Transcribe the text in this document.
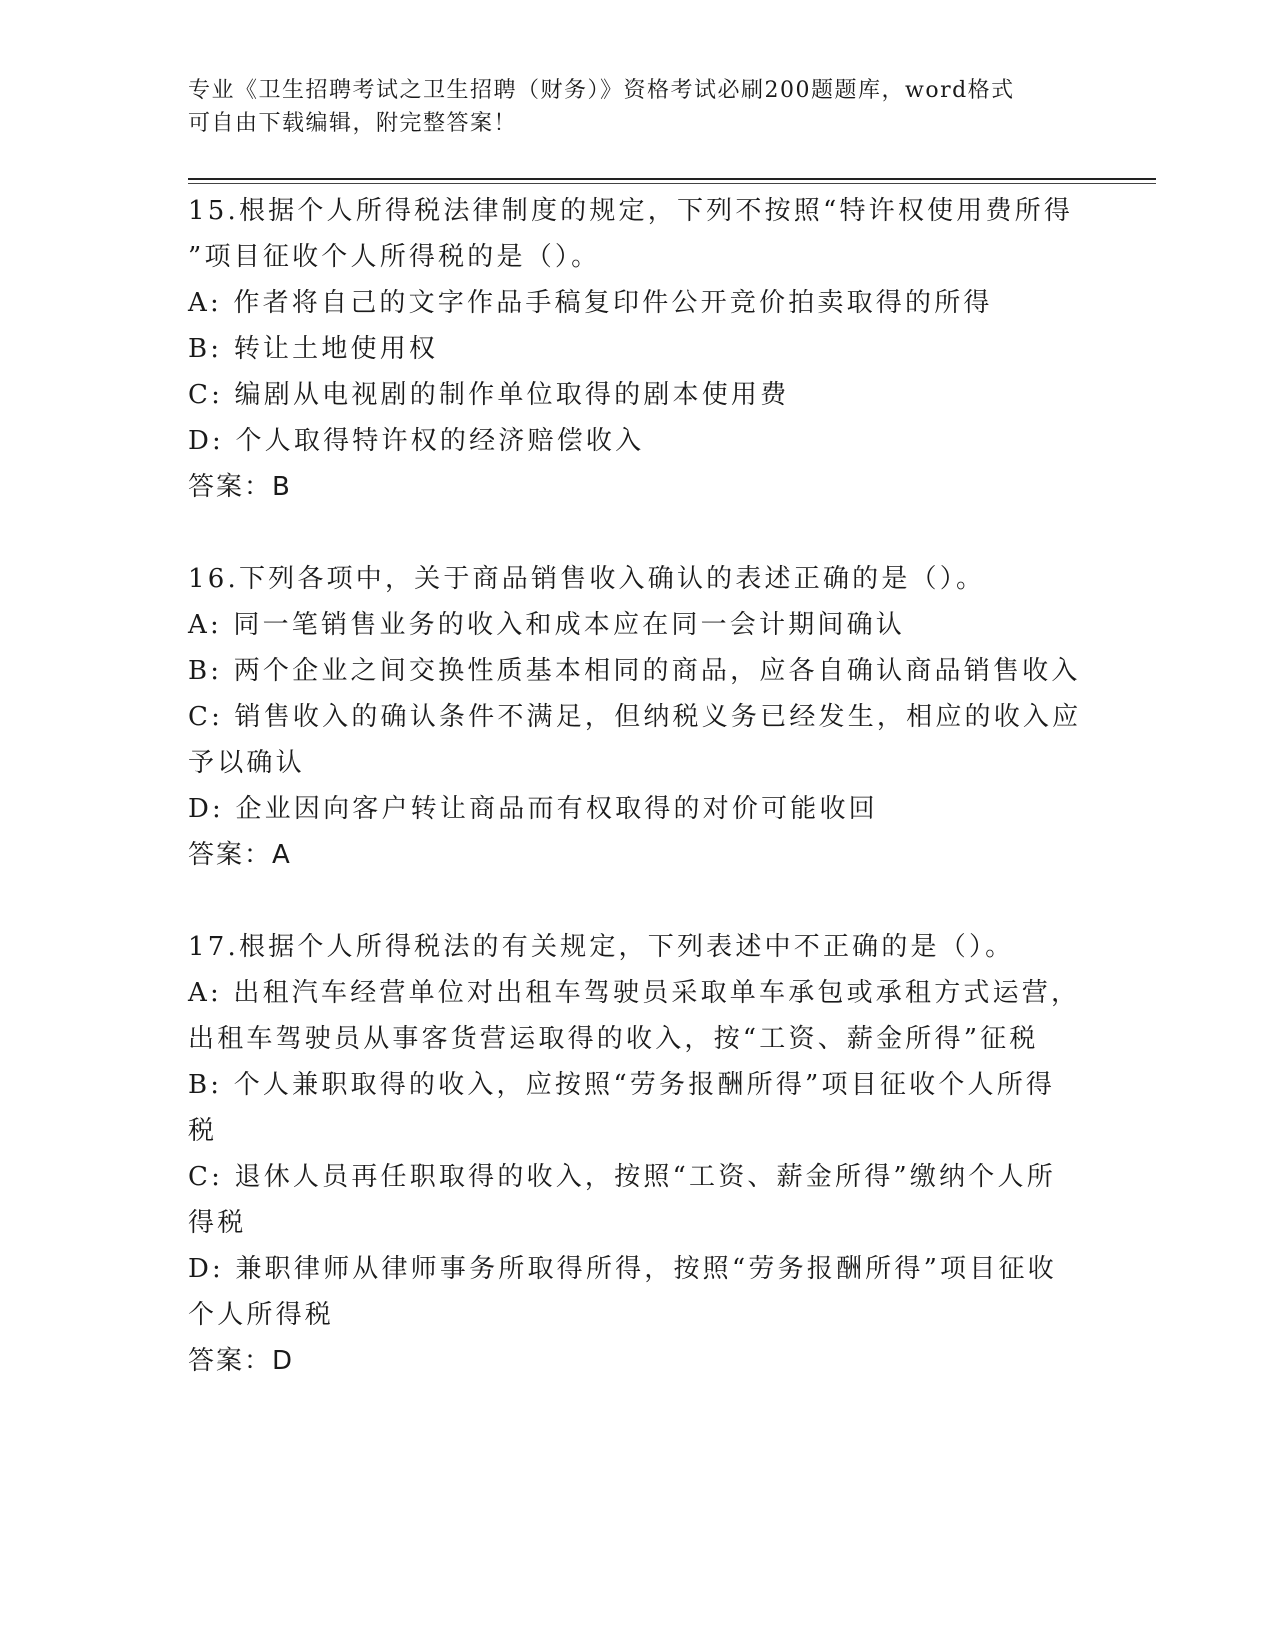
专业《卫生招聘考试之卫生招聘（财务）》资格考试必刷200题题库，word格式
可自由下载编辑，附完整答案！

15.根据个人所得税法律制度的规定，下列不按照“特许权使用费所得

”项目征收个人所得税的是（）。

A: 作者将自己的文字作品手稿复印件公开竞价拍卖取得的所得

B: 转让土地使用权

C: 编剧从电视剧的制作单位取得的剧本使用费

D: 个人取得特许权的经济赔偿收入

答案：B

16.下列各项中，关于商品销售收入确认的表述正确的是（）。

A: 同一笔销售业务的收入和成本应在同一会计期间确认

B: 两个企业之间交换性质基本相同的商品，应各自确认商品销售收入

C: 销售收入的确认条件不满足，但纳税义务已经发生，相应的收入应

予以确认

D: 企业因向客户转让商品而有权取得的对价可能收回

答案：A

17.根据个人所得税法的有关规定，下列表述中不正确的是（）。

A: 出租汽车经营单位对出租车驾驶员采取单车承包或承租方式运营，

出租车驾驶员从事客货营运取得的收入，按“工资、薪金所得”征税

B: 个人兼职取得的收入，应按照“劳务报酬所得”项目征收个人所得

税

C: 退休人员再任职取得的收入，按照“工资、薪金所得”缴纳个人所

得税

D: 兼职律师从律师事务所取得所得，按照“劳务报酬所得”项目征收

个人所得税

答案：D
